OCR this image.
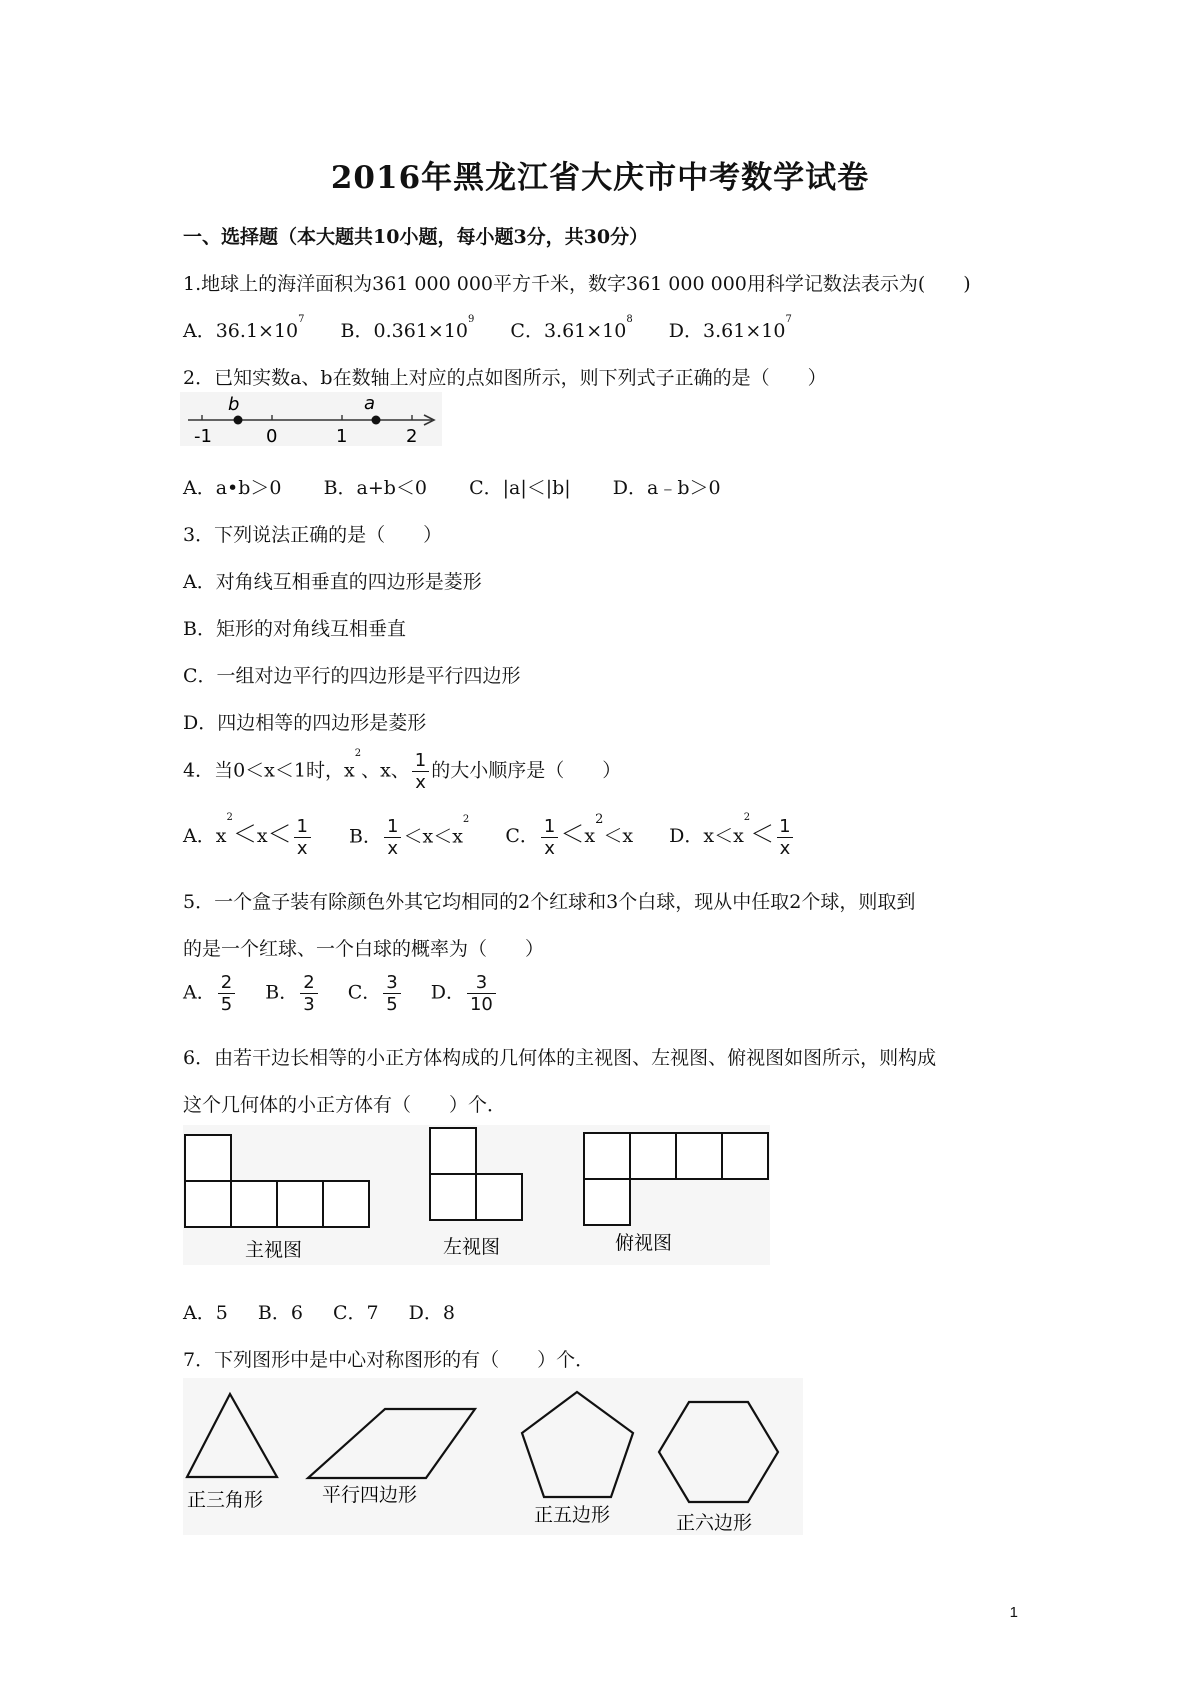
2016年黑龙江省大庆市中考数学试卷
一、选择题（本大题共10小题，每小题3分，共30分）
1.地球上的海洋面积为361 000 000平方千米，数字361 000 000用科学记数法表示为(　　)
A．$36.1\times 10^7$ B．$0.361\times 10^9$ C．$3.61\times 10^8$ D．$3.61\times 10^7$
2．已知实数a、b在数轴上对应的点如图所示，则下列式子正确的是（　　）
b	a
-1	0	1	2
A．a•b＞0 B．a+b＜0 C．|a|＜|b| D．a﹣b＞0
3．下列说法正确的是（　　）
A．对角线互相垂直的四边形是菱形
B．矩形的对角线互相垂直
C．一组对边平行的四边形是平行四边形
D．四边相等的四边形是菱形
4．当0＜x＜1时，$x^2$、x、 $\frac{1}{x}$ 的大小顺序是（　　）
A．$x^2<x< \frac{1}{x}$ B． $\frac{1}{x} <x<x^2$ C． $\frac{1}{x} <x^2<x$ D．$x<x^2< \frac{1}{x}$
5．一个盒子装有除颜色外其它均相同的2个红球和3个白球，现从中任取2个球，则取到
的是一个红球、一个白球的概率为（　　）
A． $\frac{2}{5}$ B． $\frac{2}{3}$ C． $\frac{3}{5}$ D． $\frac{3}{10}$
6．由若干边长相等的小正方体构成的几何体的主视图、左视图、俯视图如图所示，则构成
这个几何体的小正方体有（　　）个．
主视图	左视图	俯视图
A．5 B．6 C．7 D．8
7．下列图形中是中心对称图形的有（　　）个．
正三角形	平行四边形
正五边形	正六边形
1
